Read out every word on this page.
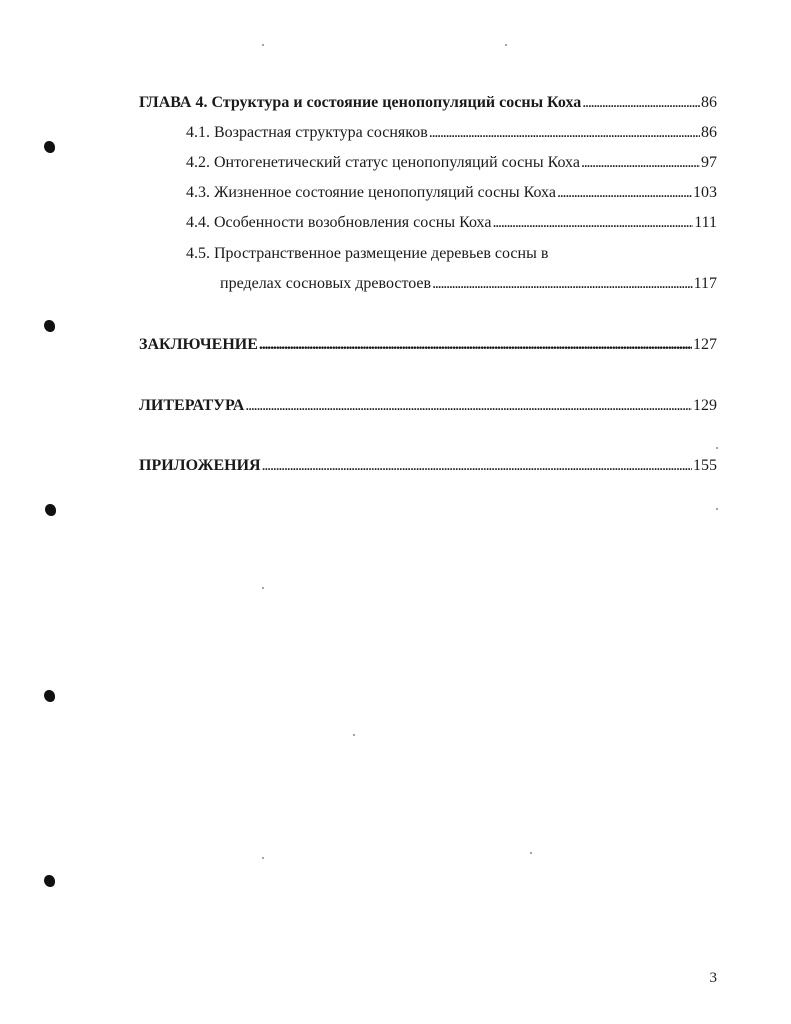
ГЛАВА 4. Структура и состояние ценопопуляций сосны Коха . . .	86
4.1. Возрастная структура сосняков . . .	86
4.2. Онтогенетический статус ценопопуляций сосны Коха . . .	97
4.3. Жизненное состояние ценопопуляций сосны Коха . . .	103
4.4. Особенности возобновления сосны Коха . . .	111
4.5. Пространственное размещение деревьев сосны в
пределах сосновых древостоев . . .	117
ЗАКЛЮЧЕНИЕ . . .	127
ЛИТЕРАТУРА . . .	129
ПРИЛОЖЕНИЯ . . .	155
3
